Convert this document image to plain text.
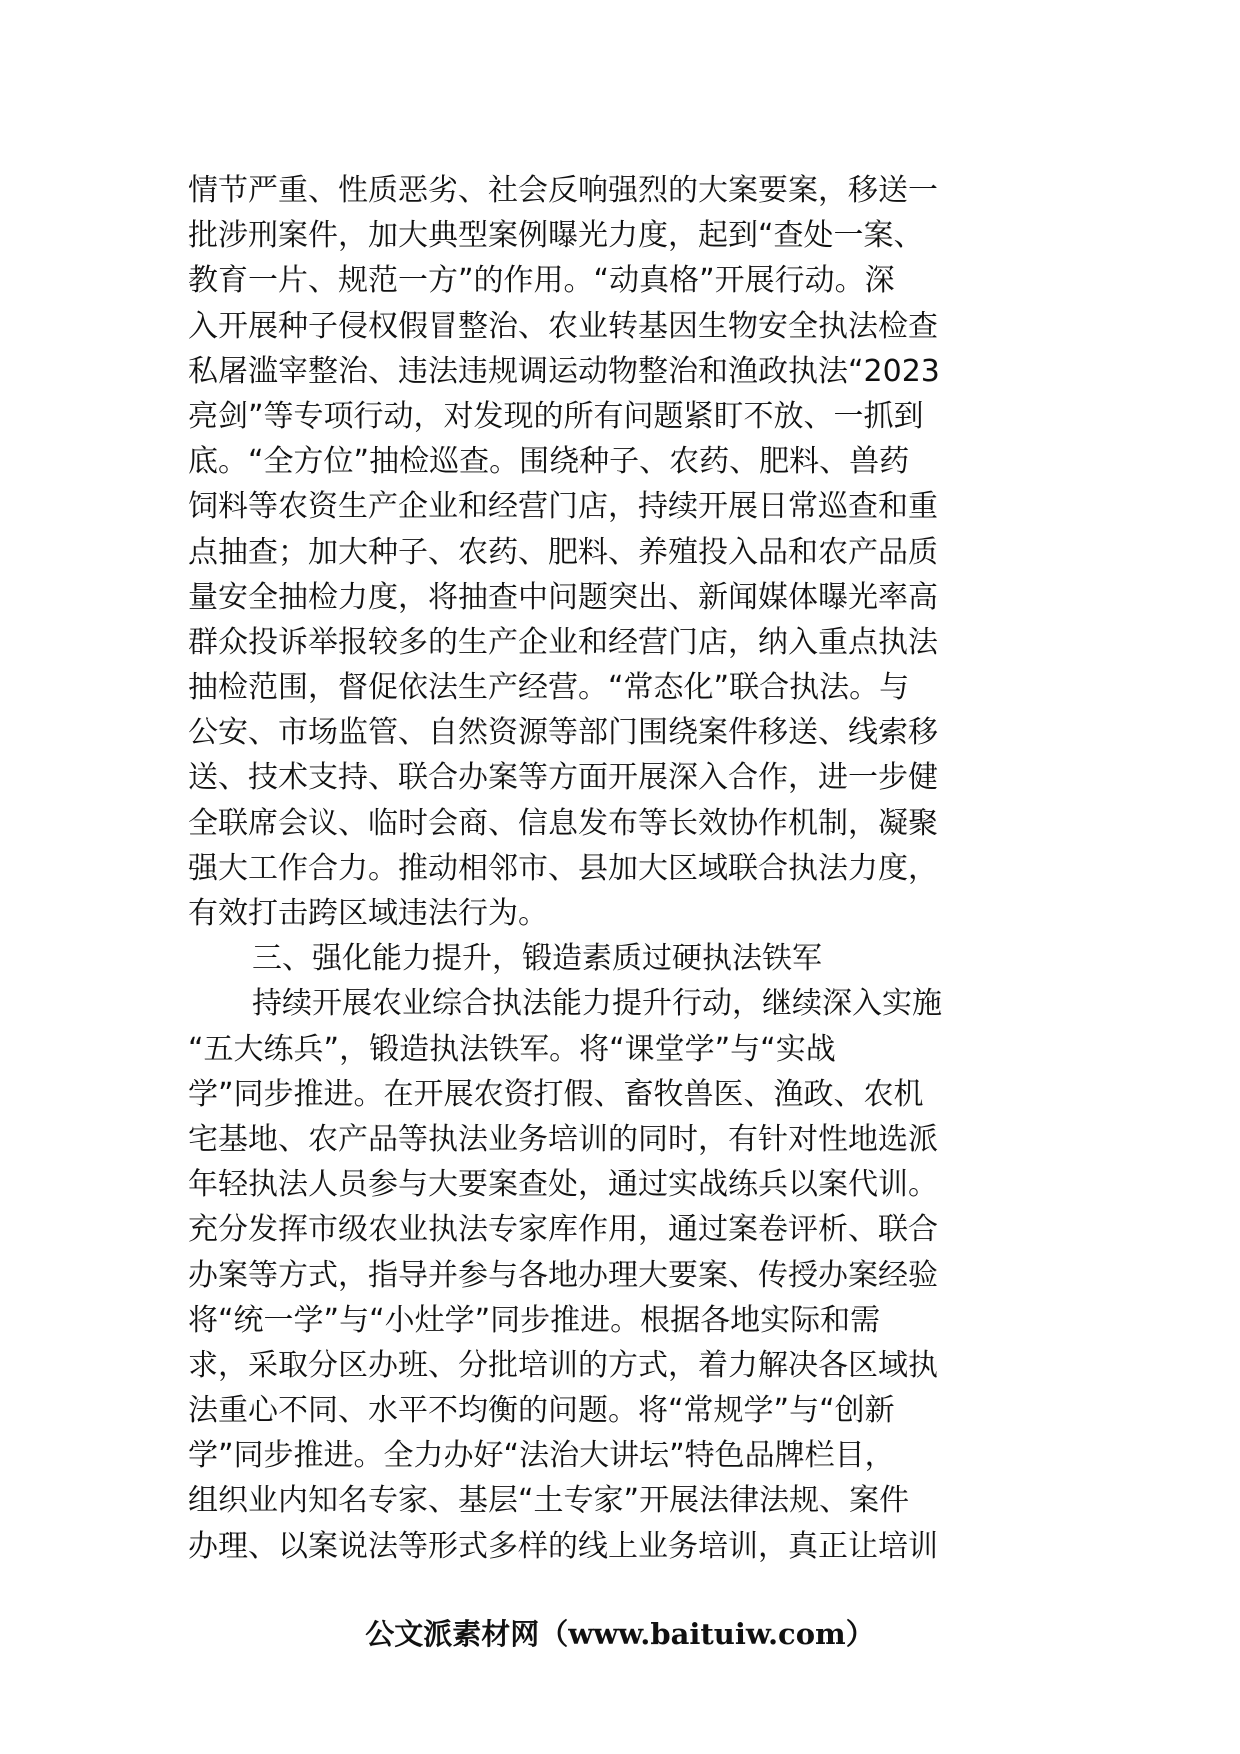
情节严重、性质恶劣、社会反响强烈的大案要案，移送一
批涉刑案件，加大典型案例曝光力度，起到“查处一案、
教育一片、规范一方”的作用。“动真格”开展行动。深
入开展种子侵权假冒整治、农业转基因生物安全执法检查
私屠滥宰整治、违法违规调运动物整治和渔政执法“2023
亮剑”等专项行动，对发现的所有问题紧盯不放、一抓到
底。“全方位”抽检巡查。围绕种子、农药、肥料、兽药
饲料等农资生产企业和经营门店，持续开展日常巡查和重
点抽查；加大种子、农药、肥料、养殖投入品和农产品质
量安全抽检力度，将抽查中问题突出、新闻媒体曝光率高
群众投诉举报较多的生产企业和经营门店，纳入重点执法
抽检范围，督促依法生产经营。“常态化”联合执法。与
公安、市场监管、自然资源等部门围绕案件移送、线索移
送、技术支持、联合办案等方面开展深入合作，进一步健
全联席会议、临时会商、信息发布等长效协作机制，凝聚
强大工作合力。推动相邻市、县加大区域联合执法力度，
有效打击跨区域违法行为。
三、强化能力提升，锻造素质过硬执法铁军
持续开展农业综合执法能力提升行动，继续深入实施
“五大练兵”，锻造执法铁军。将“课堂学”与“实战
学”同步推进。在开展农资打假、畜牧兽医、渔政、农机
宅基地、农产品等执法业务培训的同时，有针对性地选派
年轻执法人员参与大要案查处，通过实战练兵以案代训。
充分发挥市级农业执法专家库作用，通过案卷评析、联合
办案等方式，指导并参与各地办理大要案、传授办案经验
将“统一学”与“小灶学”同步推进。根据各地实际和需
求，采取分区办班、分批培训的方式，着力解决各区域执
法重心不同、水平不均衡的问题。将“常规学”与“创新
学”同步推进。全力办好“法治大讲坛”特色品牌栏目，
组织业内知名专家、基层“土专家”开展法律法规、案件
办理、以案说法等形式多样的线上业务培训，真正让培训
公文派素材网（www.baituiw.com）
